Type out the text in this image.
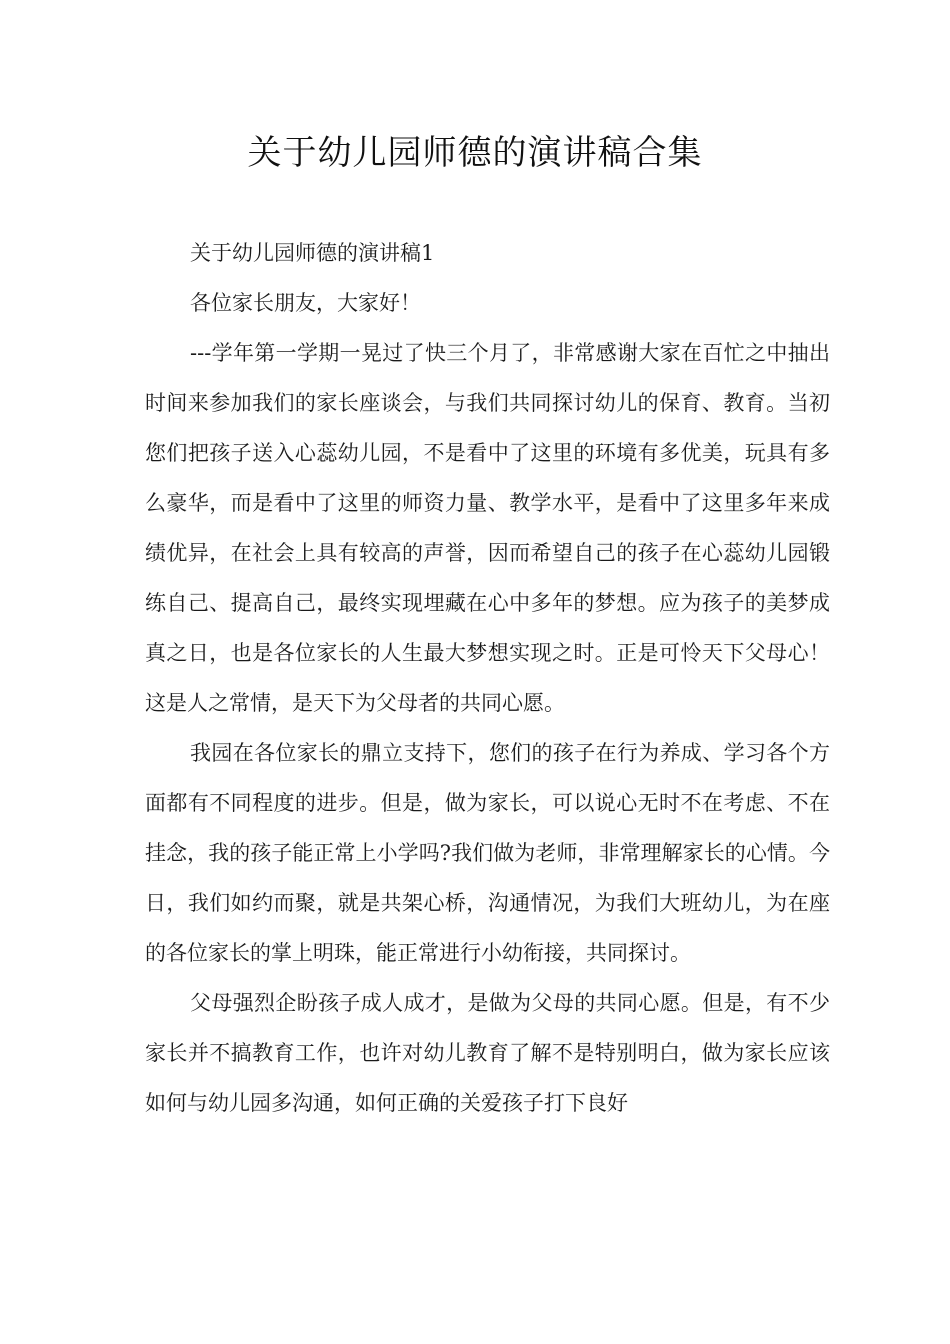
关于幼儿园师德的演讲稿合集

关于幼儿园师德的演讲稿1

各位家长朋友，大家好！

---学年第一学期一晃过了快三个月了，非常感谢大家在百忙之中抽出时间来参加我们的家长座谈会，与我们共同探讨幼儿的保育、教育。当初您们把孩子送入心蕊幼儿园，不是看中了这里的环境有多优美，玩具有多么豪华，而是看中了这里的师资力量、教学水平，是看中了这里多年来成绩优异，在社会上具有较高的声誉，因而希望自己的孩子在心蕊幼儿园锻练自己、提高自己，最终实现埋藏在心中多年的梦想。应为孩子的美梦成真之日，也是各位家长的人生最大梦想实现之时。正是可怜天下父母心！这是人之常情，是天下为父母者的共同心愿。

我园在各位家长的鼎立支持下，您们的孩子在行为养成、学习各个方面都有不同程度的进步。但是，做为家长，可以说心无时不在考虑、不在挂念，我的孩子能正常上小学吗?我们做为老师，非常理解家长的心情。今日，我们如约而聚，就是共架心桥，沟通情况，为我们大班幼儿，为在座的各位家长的掌上明珠，能正常进行小幼衔接，共同探讨。

父母强烈企盼孩子成人成才，是做为父母的共同心愿。但是，有不少家长并不搞教育工作，也许对幼儿教育了解不是特别明白，做为家长应该如何与幼儿园多沟通，如何正确的关爱孩子打下良好
